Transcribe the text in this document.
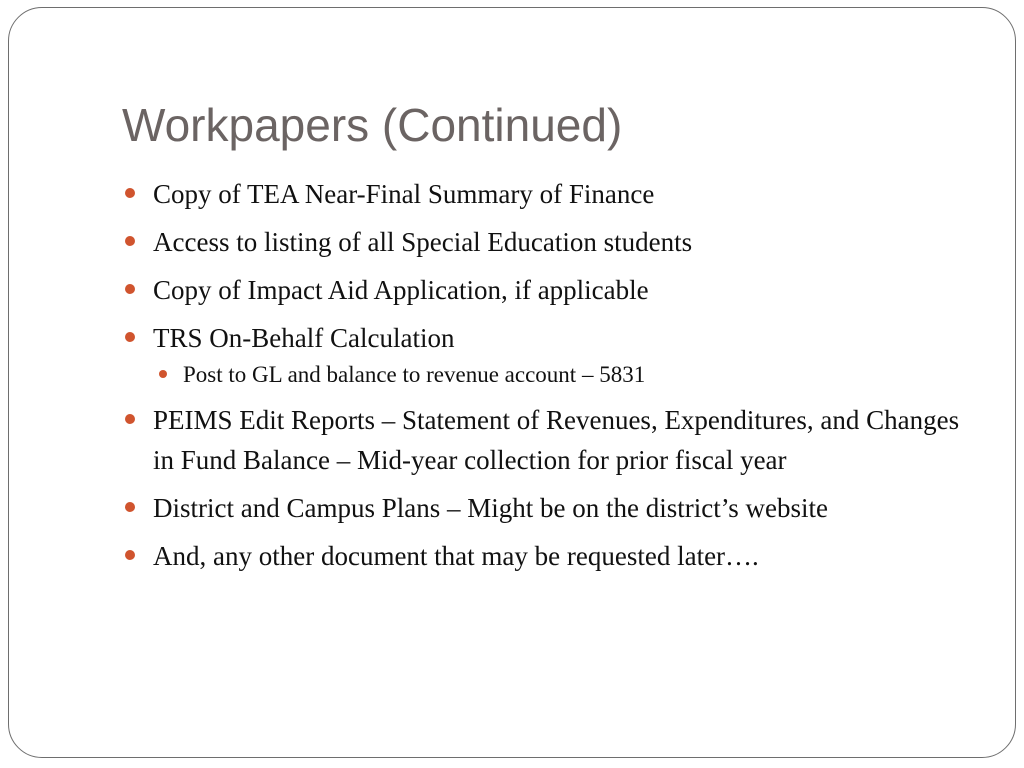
Workpapers (Continued)
Copy of TEA Near-Final Summary of Finance
Access to listing of all Special Education students
Copy of Impact Aid Application, if applicable
TRS On-Behalf Calculation
Post to GL and balance to revenue account – 5831
PEIMS Edit Reports – Statement of Revenues, Expenditures, and Changes in Fund Balance – Mid-year collection for prior fiscal year
District and Campus Plans – Might be on the district’s website
And, any other document that may be requested later….
